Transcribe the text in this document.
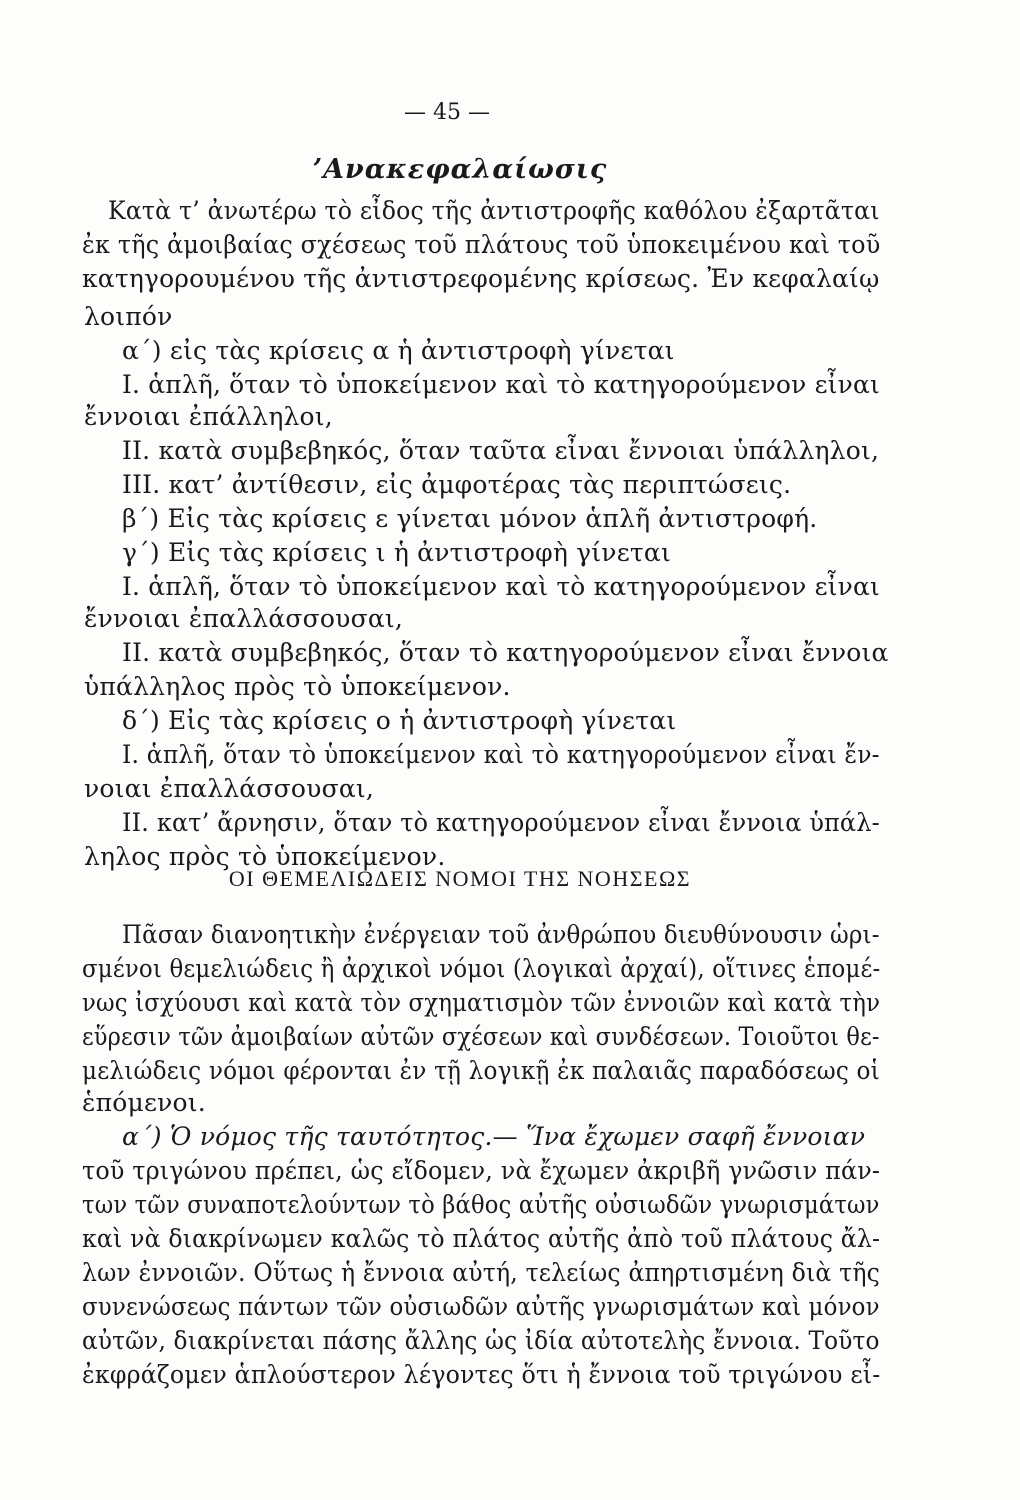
— 45 —
’Ανακεφαλαίωσις
Κατὰ τ’ ἀνωτέρω τὸ εἶδος τῆς ἀντιστροφῆς καθόλου ἐξαρτᾶται
ἐκ τῆς ἀμοιβαίας σχέσεως τοῦ πλάτους τοῦ ὑποκειμένου καὶ τοῦ
κατηγορουμένου τῆς ἀντιστρεφομένης κρίσεως. Ἐν κεφαλαίῳ
λοιπόν
α΄) εἰς τὰς κρίσεις α ἡ ἀντιστροφὴ γίνεται
Ι. ἁπλῆ, ὅταν τὸ ὑποκείμενον καὶ τὸ κατηγορούμενον εἶναι
ἔννοιαι ἐπάλληλοι,
ΙΙ. κατὰ συμβεβηκός, ὅταν ταῦτα εἶναι ἔννοιαι ὑπάλληλοι,
ΙΙΙ. κατ’ ἀντίθεσιν, εἰς ἀμφοτέρας τὰς περιπτώσεις.
β΄) Εἰς τὰς κρίσεις ε γίνεται μόνον ἁπλῆ ἀντιστροφή.
γ΄) Εἰς τὰς κρίσεις ι ἡ ἀντιστροφὴ γίνεται
Ι. ἁπλῆ, ὅταν τὸ ὑποκείμενον καὶ τὸ κατηγορούμενον εἶναι
ἔννοιαι ἐπαλλάσσουσαι,
ΙΙ. κατὰ συμβεβηκός, ὅταν τὸ κατηγορούμενον εἶναι ἔννοια
ὑπάλληλος πρὸς τὸ ὑποκείμενον.
δ΄) Εἰς τὰς κρίσεις ο ἡ ἀντιστροφὴ γίνεται
Ι. ἁπλῆ, ὅταν τὸ ὑποκείμενον καὶ τὸ κατηγορούμενον εἶναι ἔν-
νοιαι ἐπαλλάσσουσαι,
ΙΙ. κατ’ ἄρνησιν, ὅταν τὸ κατηγορούμενον εἶναι ἔννοια ὑπάλ-
ληλος πρὸς τὸ ὑποκείμενον.
ΟΙ ΘΕΜΕΛΙΩΔΕΙΣ ΝΟΜΟΙ ΤΗΣ ΝΟΗΣΕΩΣ
Πᾶσαν διανοητικὴν ἐνέργειαν τοῦ ἀνθρώπου διευθύνουσιν ὡρι-
σμένοι θεμελιώδεις ἢ ἀρχικοὶ νόμοι (λογικαὶ ἀρχαί), οἵτινες ἑπομέ-
νως ἰσχύουσι καὶ κατὰ τὸν σχηματισμὸν τῶν ἐννοιῶν καὶ κατὰ τὴν
εὕρεσιν τῶν ἀμοιβαίων αὐτῶν σχέσεων καὶ συνδέσεων. Τοιοῦτοι θε-
μελιώδεις νόμοι φέρονται ἐν τῇ λογικῇ ἐκ παλαιᾶς παραδόσεως οἱ
ἑπόμενοι.
α΄) Ὁ νόμος τῆς ταυτότητος.— Ἵνα ἔχωμεν σαφῆ ἔννοιαν
τοῦ τριγώνου πρέπει, ὡς εἴδομεν, νὰ ἔχωμεν ἀκριβῆ γνῶσιν πάν-
των τῶν συναποτελούντων τὸ βάθος αὐτῆς οὐσιωδῶν γνωρισμάτων
καὶ νὰ διακρίνωμεν καλῶς τὸ πλάτος αὐτῆς ἀπὸ τοῦ πλάτους ἄλ-
λων ἐννοιῶν. Οὕτως ἡ ἔννοια αὐτή, τελείως ἀπηρτισμένη διὰ τῆς
συνενώσεως πάντων τῶν οὐσιωδῶν αὐτῆς γνωρισμάτων καὶ μόνον
αὐτῶν, διακρίνεται πάσης ἄλλης ὡς ἰδία αὐτοτελὴς ἔννοια. Τοῦτο
ἐκφράζομεν ἁπλούστερον λέγοντες ὅτι ἡ ἔννοια τοῦ τριγώνου εἶ-
